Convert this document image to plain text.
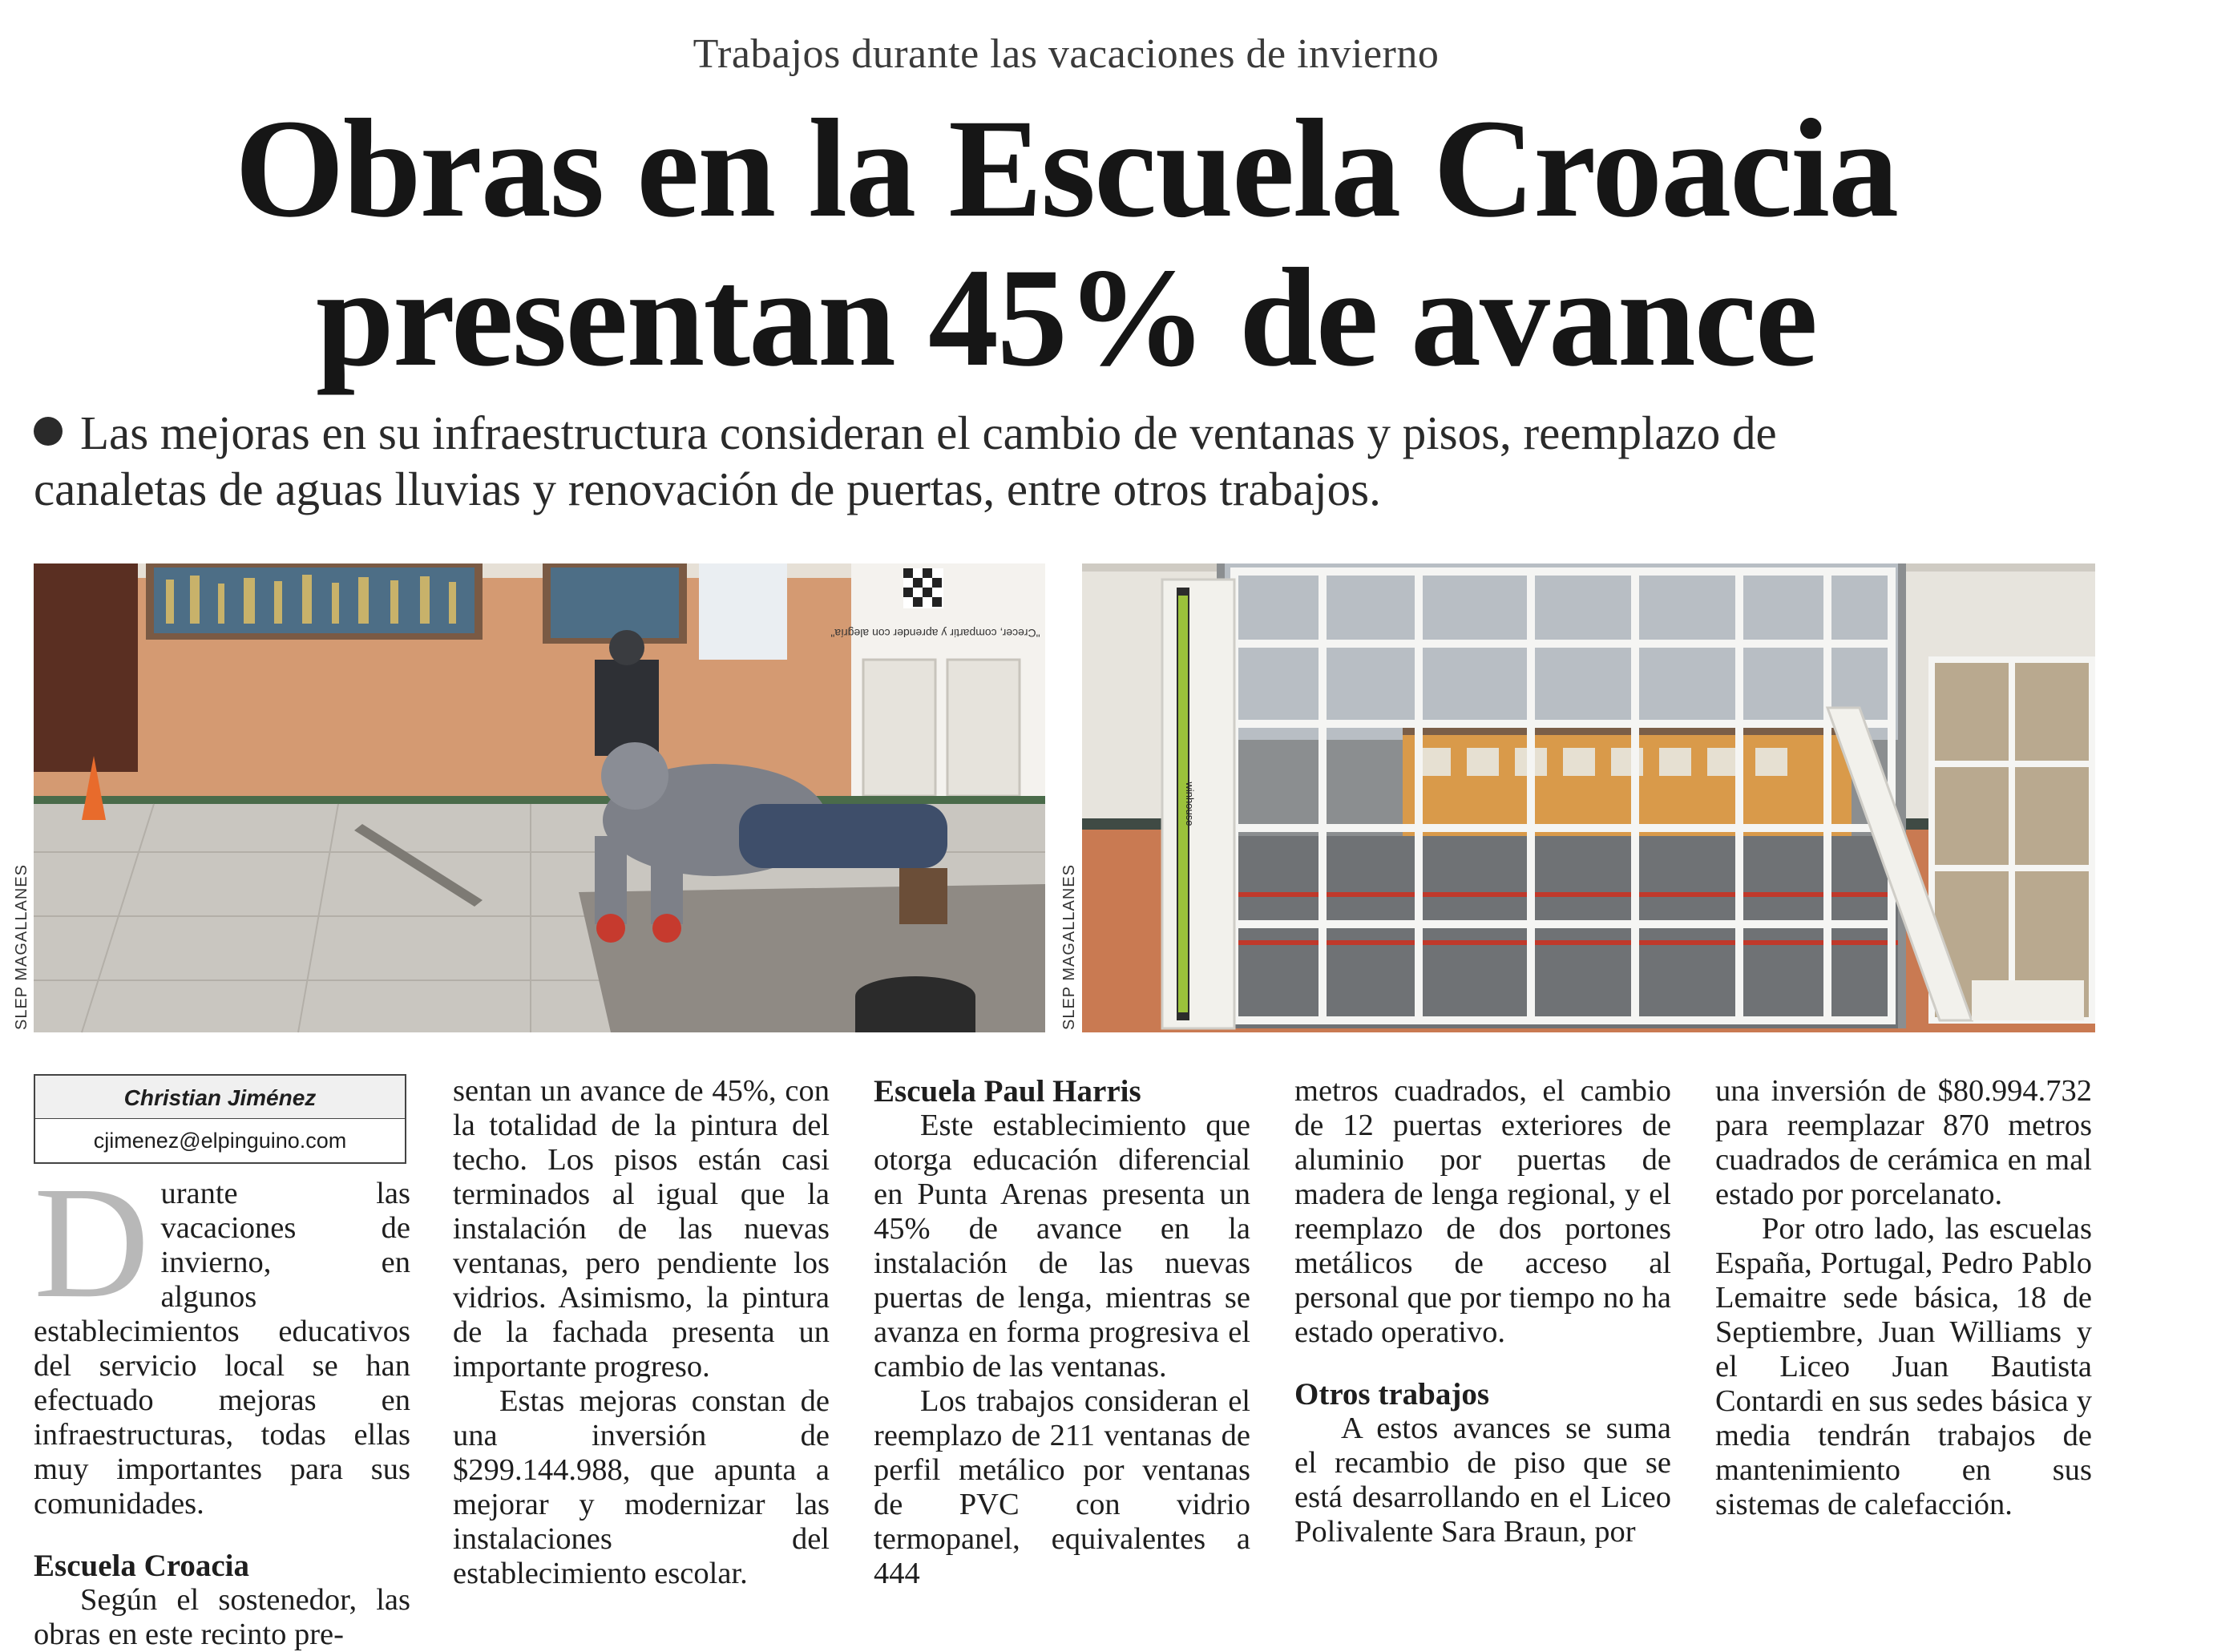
Trabajos durante las vacaciones de invierno
Obras en la Escuela Croacia
presentan 45% de avance
Las mejoras en su infraestructura consideran el cambio de ventanas y pisos, reemplazo de canaletas de aguas lluvias y renovación de puertas, entre otros trabajos.
"Crecer, compartir y aprender con alegría"
SLEP MAGALLANES
winhouse
SLEP MAGALLANES
Christian Jiménez
cjimenez@elpinguino.com
D urante las vacaciones de invierno, en algunos establecimientos educativos del servicio local se han efectuado mejoras en infraestructuras, todas ellas muy importantes para sus comunidades.

Escuela Croacia

Según el sostenedor, las obras en este recinto pre-

sentan un avance de 45%, con la totalidad de la pintura del techo. Los pisos están casi terminados al igual que la instalación de las nuevas ventanas, pero pendiente los vidrios. Asimismo, la pintura de la fachada presenta un importante progreso.

Estas mejoras constan de una inversión de $299.144.988, que apunta a mejorar y modernizar las instalaciones del establecimiento escolar.

Escuela Paul Harris

Este establecimiento que otorga educación diferencial en Punta Arenas presenta un 45% de avance en la instalación de las nuevas puertas de lenga, mientras se avanza en forma progresiva el cambio de las ventanas.

Los trabajos consideran el reemplazo de 211 ventanas de perfil metálico por ventanas de PVC con vidrio termopanel, equivalentes a 444

metros cuadrados, el cambio de 12 puertas exteriores de aluminio por puertas de madera de lenga regional, y el reemplazo de dos portones metálicos de acceso al personal que por tiempo no ha estado operativo.

Otros trabajos

A estos avances se suma el recambio de piso que se está desarrollando en el Liceo Polivalente Sara Braun, por

una inversión de $80.994.732 para reemplazar 870 metros cuadrados de cerámica en mal estado por porcelanato.

Por otro lado, las escuelas España, Portugal, Pedro Pablo Lemaitre sede básica, 18 de Septiembre, Juan Williams y el Liceo Juan Bautista Contardi en sus sedes básica y media tendrán trabajos de mantenimiento en sus sistemas de calefacción.
